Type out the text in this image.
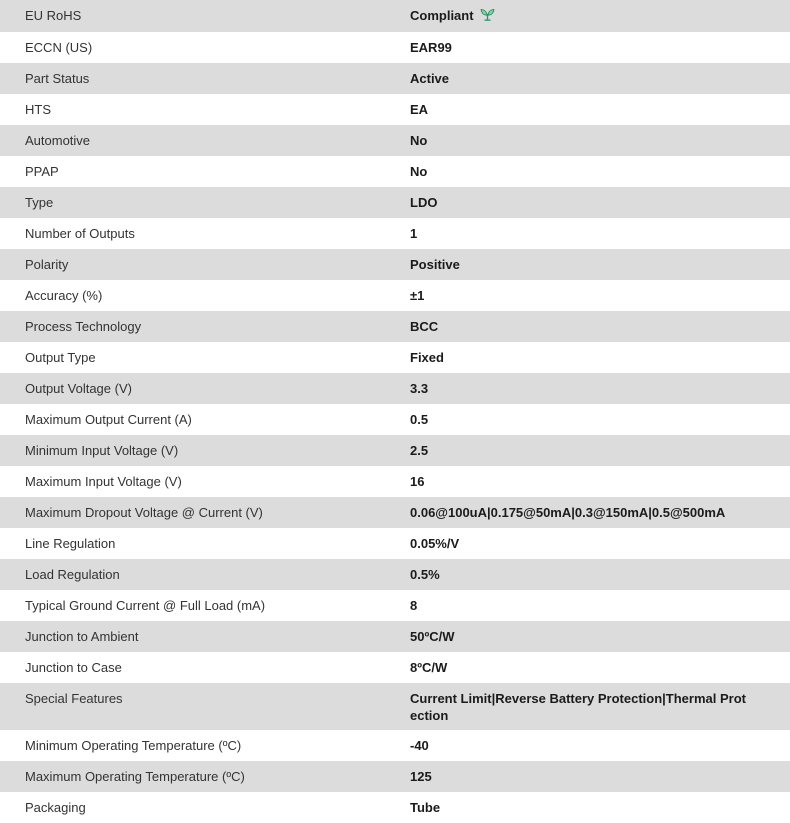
EU RoHS	Compliant
ECCN (US)	EAR99
Part Status	Active
HTS	EA
Automotive	No
PPAP	No
Type	LDO
Number of Outputs	1
Polarity	Positive
Accuracy (%)	±1
Process Technology	BCC
Output Type	Fixed
Output Voltage (V)	3.3
Maximum Output Current (A)	0.5
Minimum Input Voltage (V)	2.5
Maximum Input Voltage (V)	16
Maximum Dropout Voltage @ Current (V)	0.06@100uA|0.175@50mA|0.3@150mA|0.5@500mA
Line Regulation	0.05%/V
Load Regulation	0.5%
Typical Ground Current @ Full Load (mA)	8
Junction to Ambient	50ºC/W
Junction to Case	8ºC/W
Special Features	Current Limit|Reverse Battery Protection|Thermal Protection
Minimum Operating Temperature (ºC)	-40
Maximum Operating Temperature (ºC)	125
Packaging	Tube
